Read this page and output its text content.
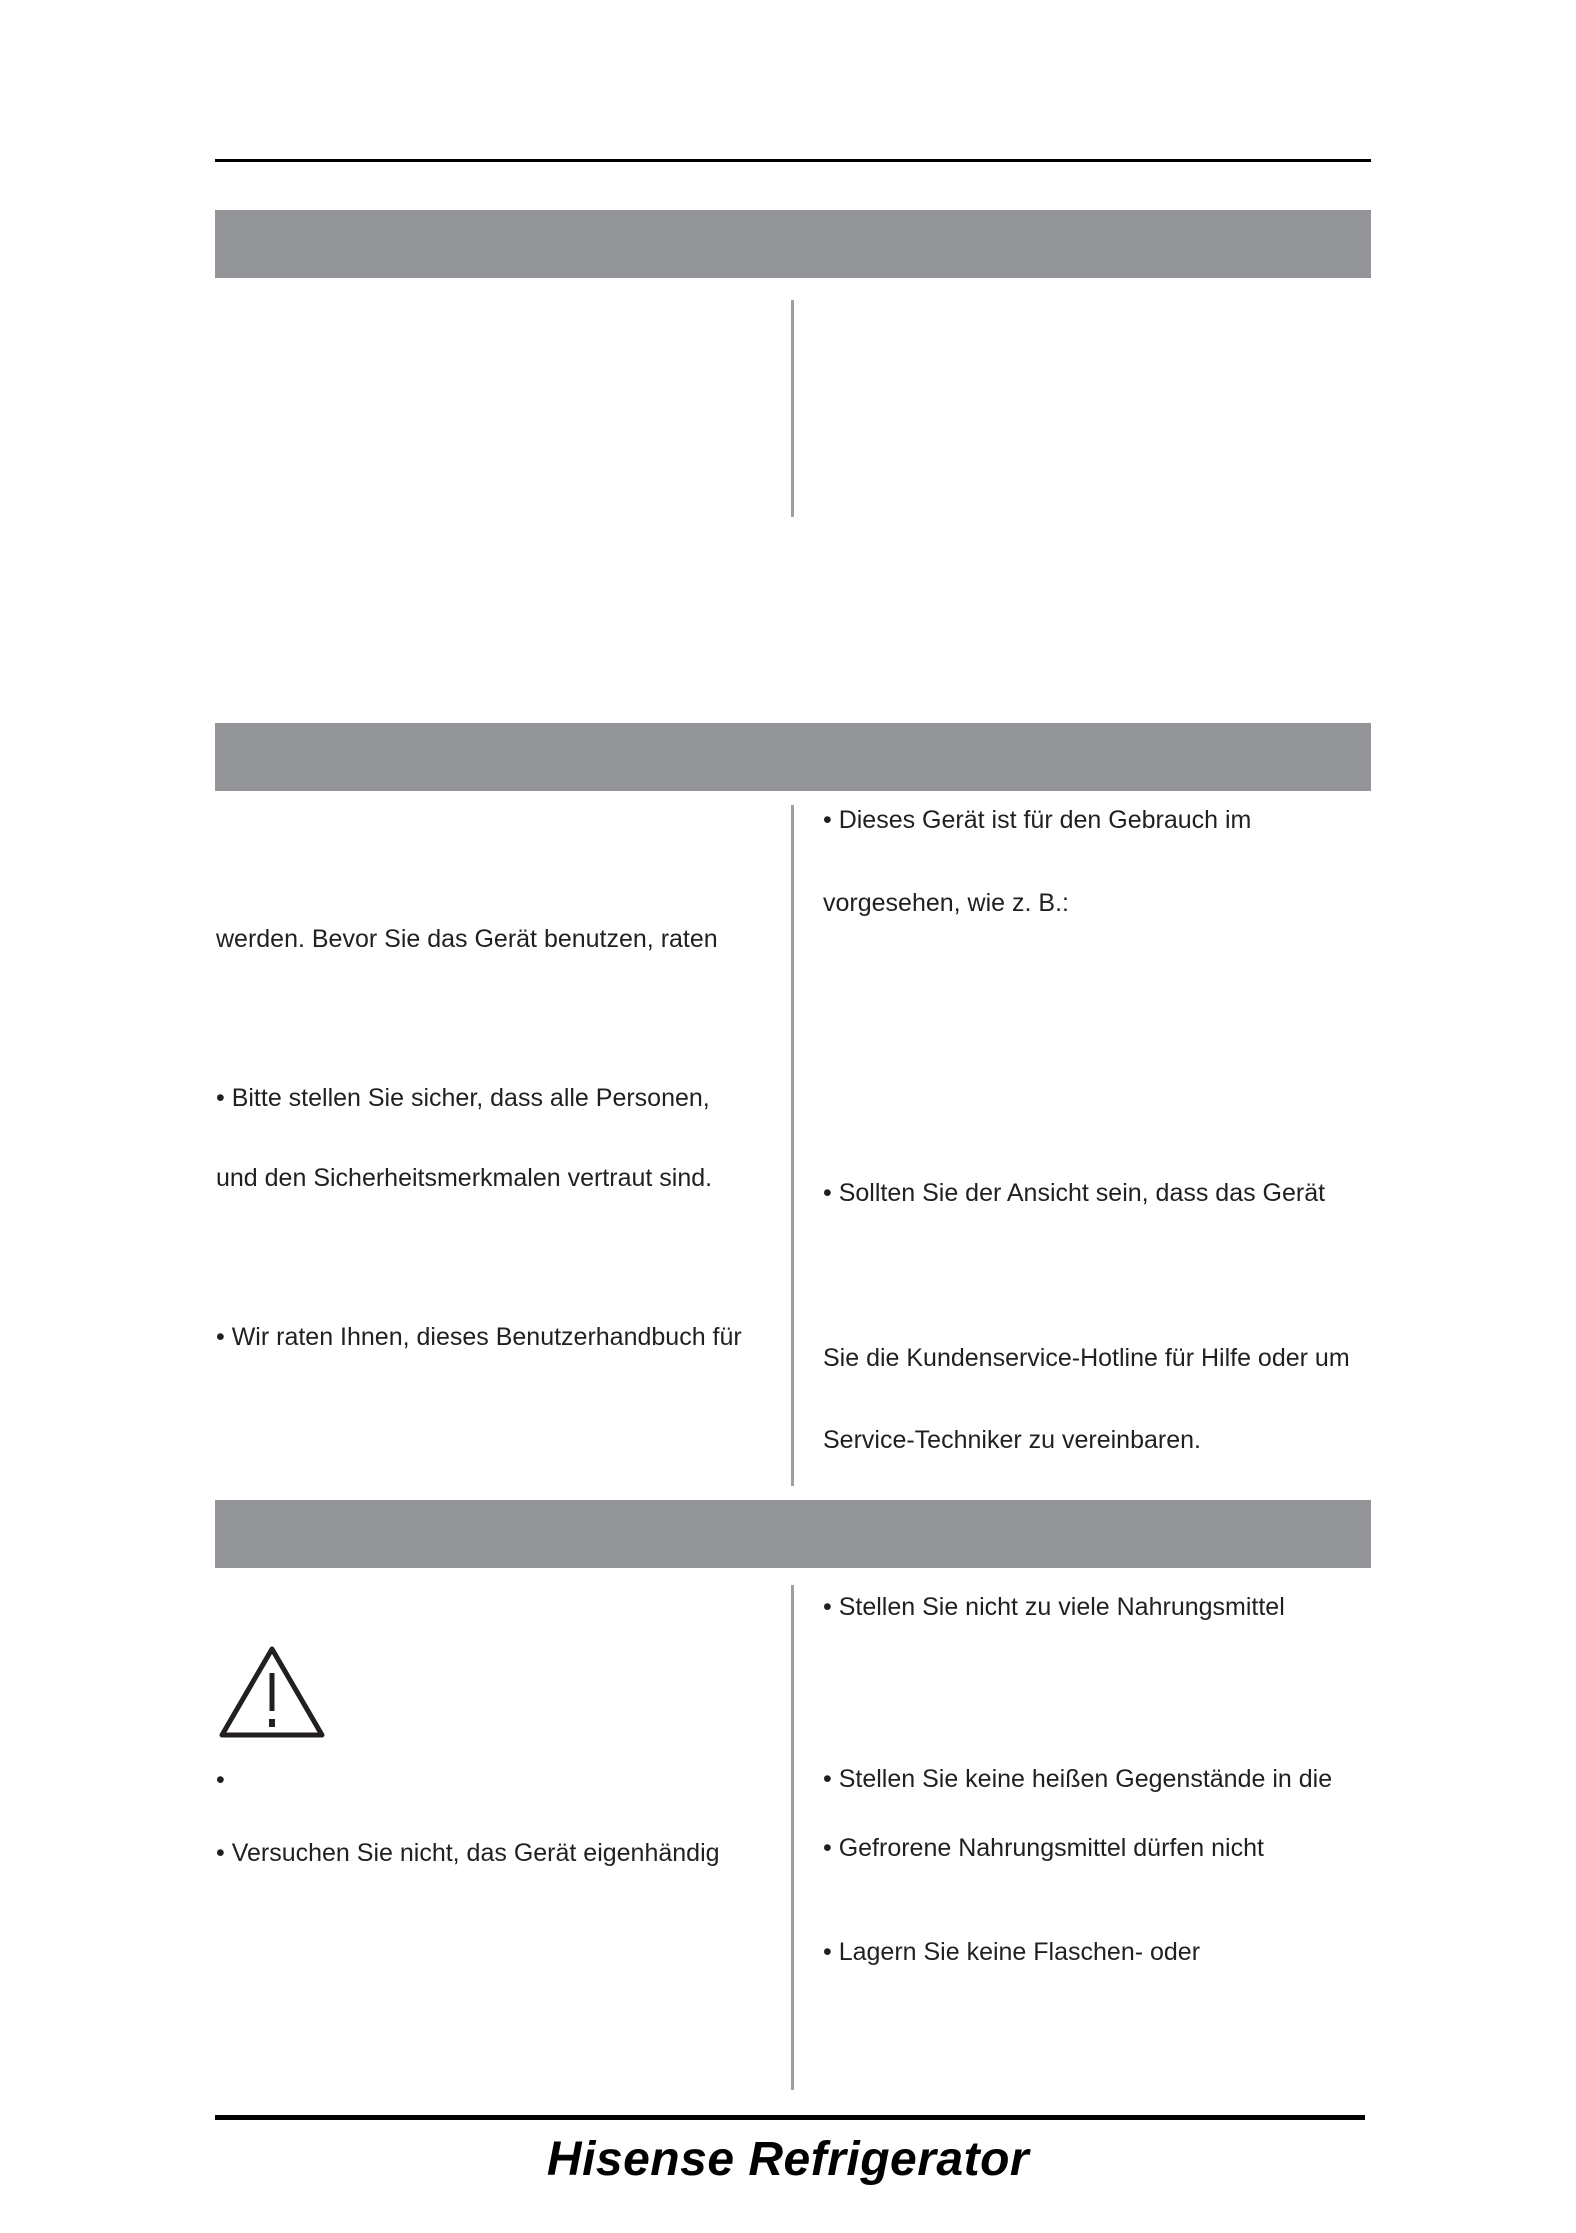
werden. Bevor Sie das Gerät benutzen, raten
• Bitte stellen Sie sicher, dass alle Personen,
und den Sicherheitsmerkmalen vertraut sind.
• Wir raten Ihnen, dieses Benutzerhandbuch für
• Dieses Gerät ist für den Gebrauch im
vorgesehen, wie z. B.:
• Sollten Sie der Ansicht sein, dass das Gerät
Sie die Kundenservice-Hotline für Hilfe oder um
Service-Techniker zu vereinbaren.
•
• Versuchen Sie nicht, das Gerät eigenhändig
• Stellen Sie nicht zu viele Nahrungsmittel
• Stellen Sie keine heißen Gegenstände in die
• Gefrorene Nahrungsmittel dürfen nicht
• Lagern Sie keine Flaschen- oder
Hisense Refrigerator
